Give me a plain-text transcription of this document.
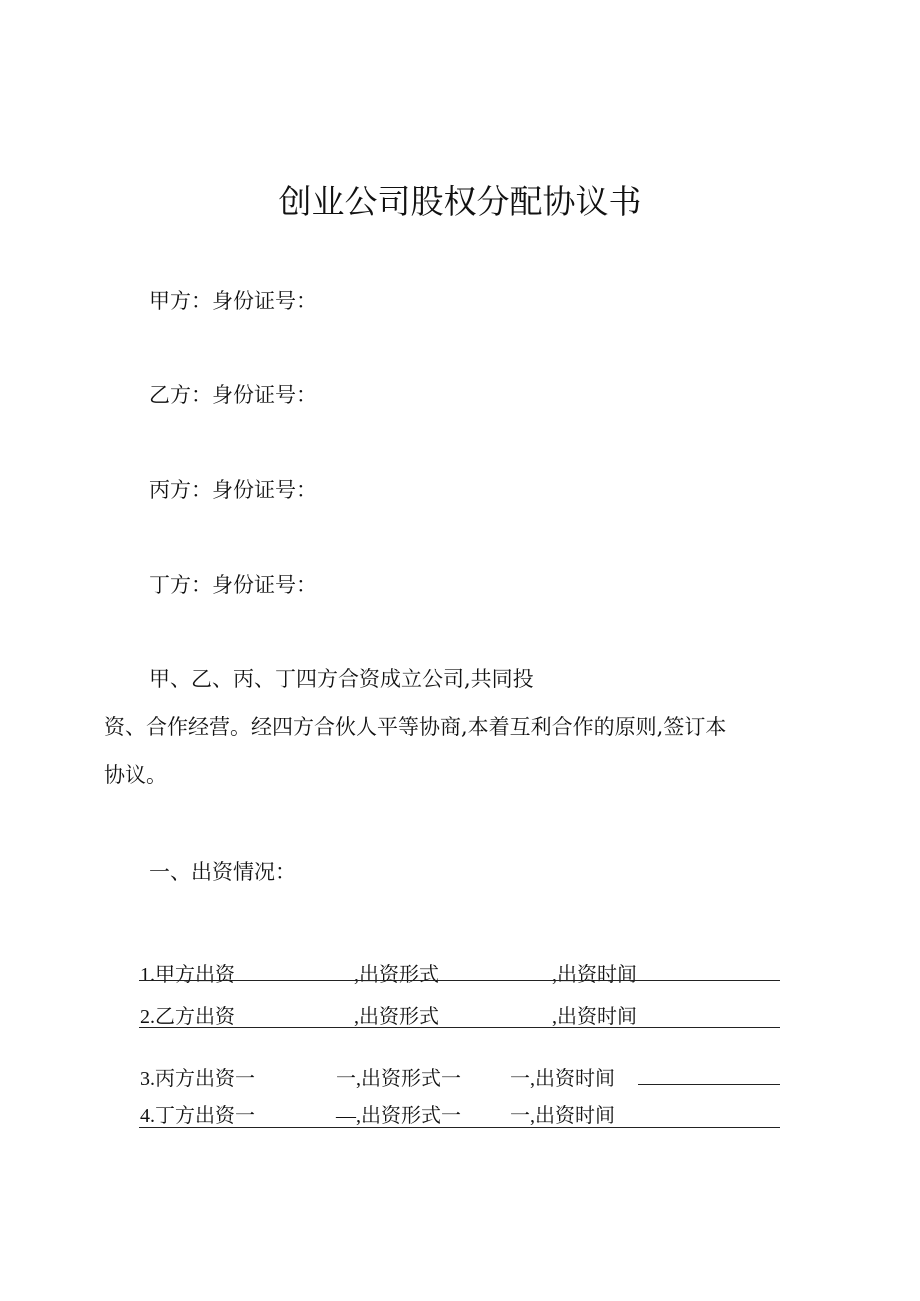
创业公司股权分配协议书
甲方：身份证号：
乙方：身份证号：
丙方：身份证号：
丁方：身份证号：
甲、乙、丙、丁四方合资成立公司,共同投
资、合作经营。经四方合伙人平等协商,本着互利合作的原则,签订本
协议。
一、出资情况：
1.甲方出资	,出资形式	,出资时间
2.乙方出资	,出资形式	,出资时间
3.丙方出资一	一,出资形式一 一,出资时间
4.丁方出资一	—,出资形式一 一,出资时间
